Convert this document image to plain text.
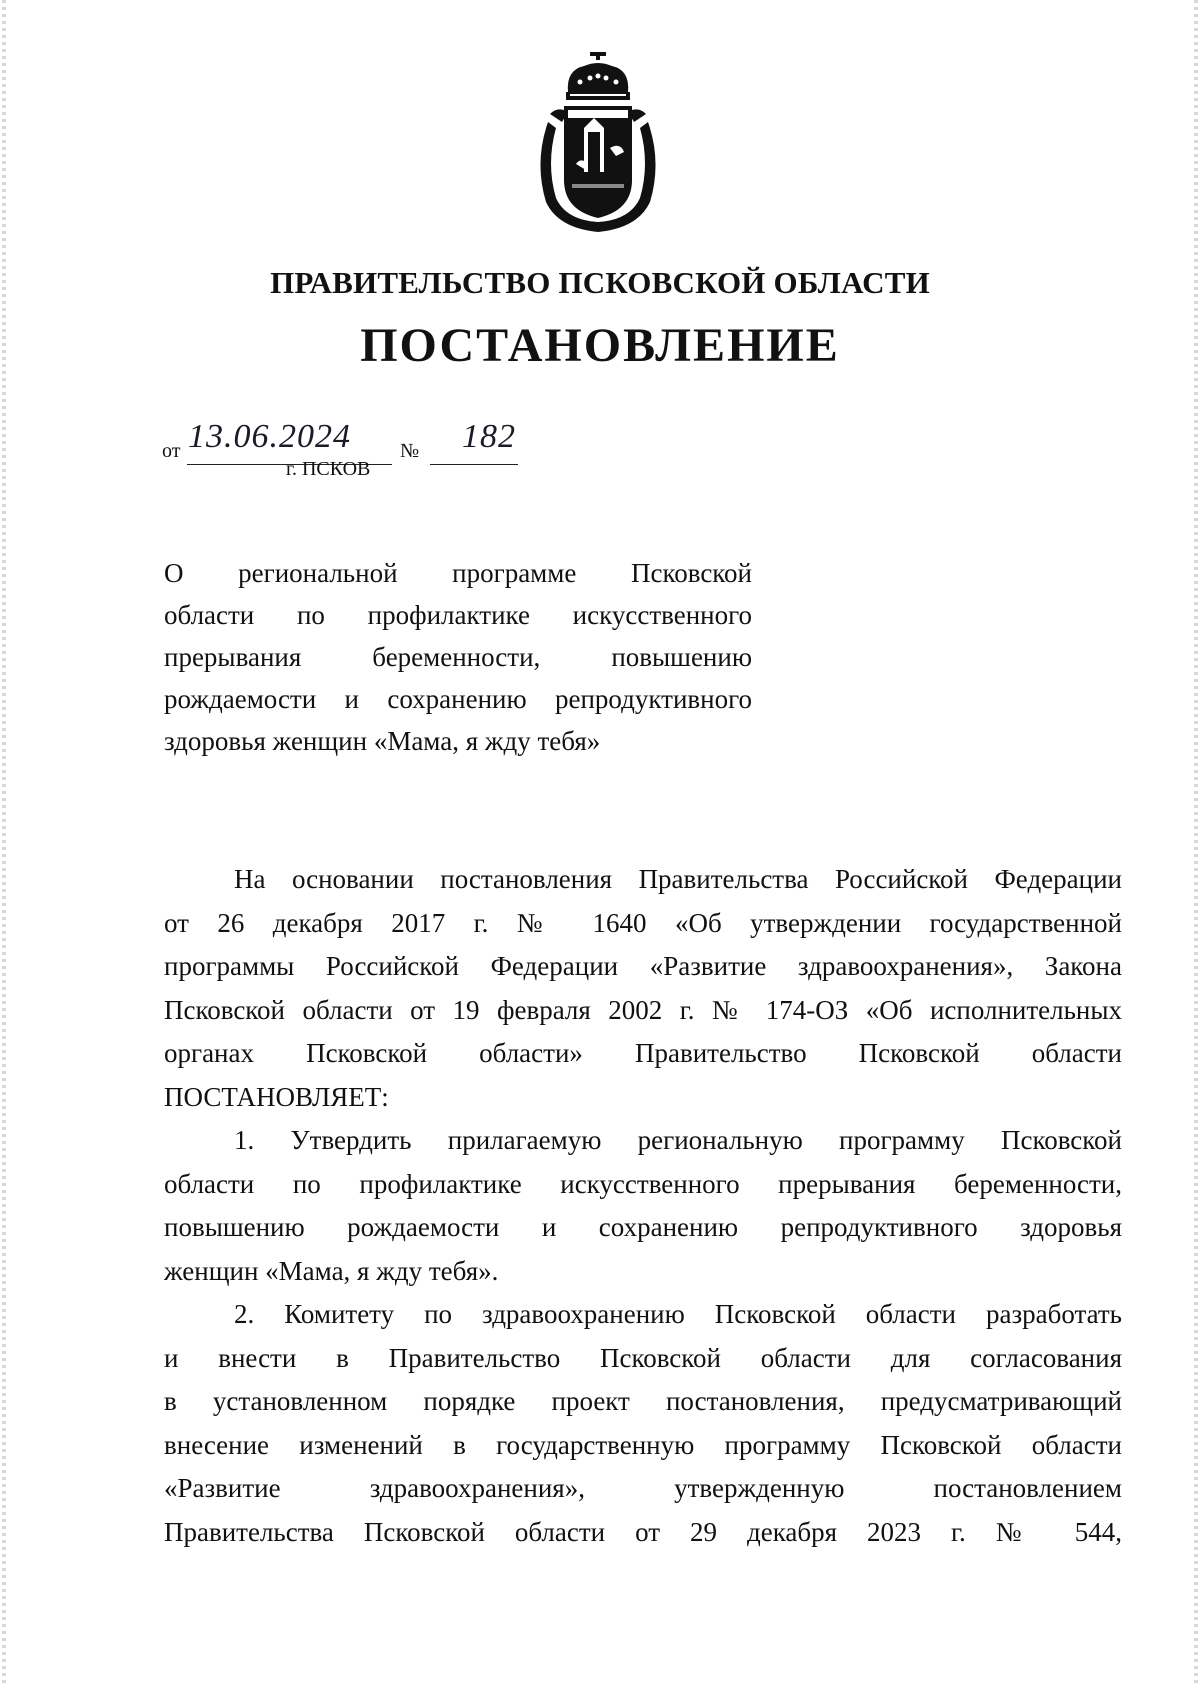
ПРАВИТЕЛЬСТВО ПСКОВСКОЙ ОБЛАСТИ
ПОСТАНОВЛЕНИЕ
от 13.06.2024 № 182
г. ПСКОВ
О региональной программе Псковской
области по профилактике искусственного
прерывания беременности, повышению
рождаемости и сохранению репродуктивного
здоровья женщин «Мама, я жду тебя»
На основании постановления Правительства Российской Федерации
от 26 декабря 2017 г. № 1640 «Об утверждении государственной
программы Российской Федерации «Развитие здравоохранения», Закона
Псковской области от 19 февраля 2002 г. № 174-ОЗ «Об исполнительных
органах Псковской области» Правительство Псковской области
ПОСТАНОВЛЯЕТ:
1. Утвердить прилагаемую региональную программу Псковской
области по профилактике искусственного прерывания беременности,
повышению рождаемости и сохранению репродуктивного здоровья
женщин «Мама, я жду тебя».
2. Комитету по здравоохранению Псковской области разработать
и внести в Правительство Псковской области для согласования
в установленном порядке проект постановления, предусматривающий
внесение изменений в государственную программу Псковской области
«Развитие здравоохранения», утвержденную постановлением
Правительства Псковской области от 29 декабря 2023 г. № 544,
